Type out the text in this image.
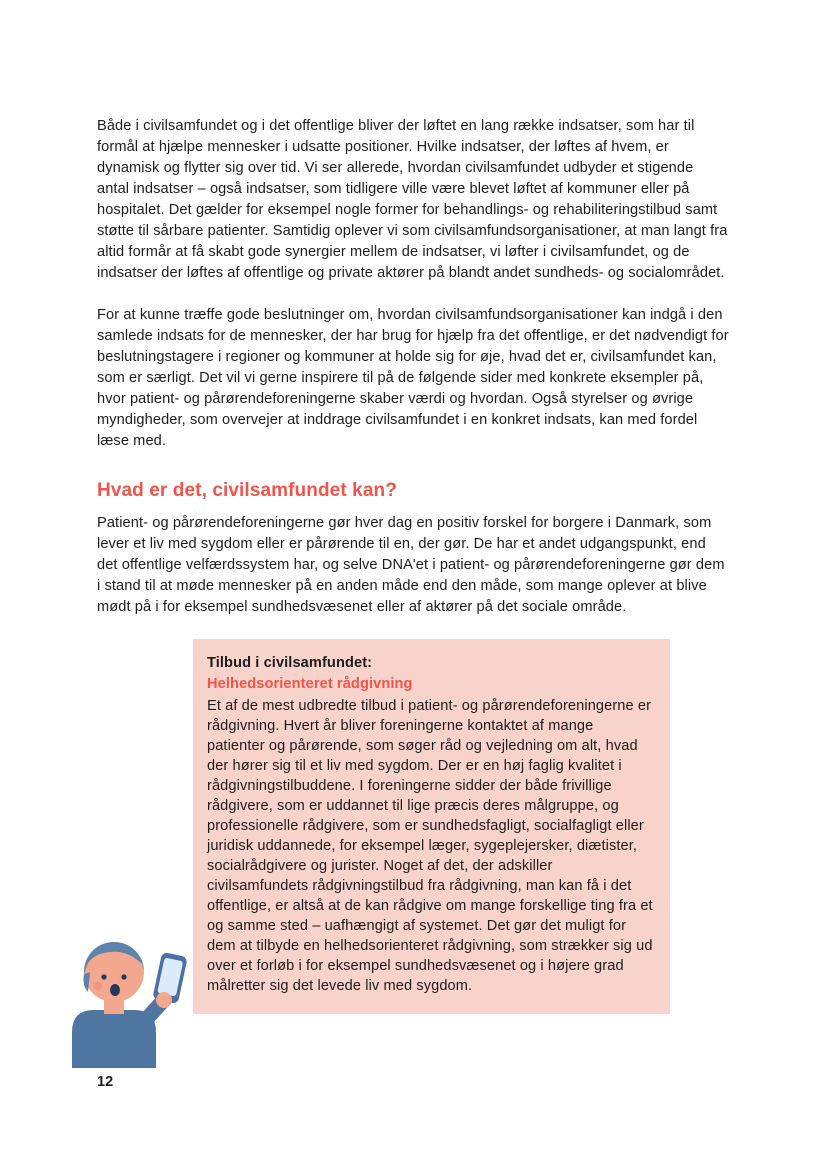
Både i civilsamfundet og i det offentlige bliver der løftet en lang række indsatser, som har til formål at hjælpe mennesker i udsatte positioner. Hvilke indsatser, der løftes af hvem, er dynamisk og flytter sig over tid. Vi ser allerede, hvordan civilsamfundet udbyder et stigende antal indsatser – også indsatser, som tidligere ville være blevet løftet af kommuner eller på hospitalet. Det gælder for eksempel nogle former for behandlings- og rehabiliteringstilbud samt støtte til sårbare patienter. Samtidig oplever vi som civilsamfundsorganisationer, at man langt fra altid formår at få skabt gode synergier mellem de indsatser, vi løfter i civilsamfundet, og de indsatser der løftes af offentlige og private aktører på blandt andet sundheds- og socialområdet.

For at kunne træffe gode beslutninger om, hvordan civilsamfundsorganisationer kan indgå i den samlede indsats for de mennesker, der har brug for hjælp fra det offentlige, er det nødvendigt for beslutningstagere i regioner og kommuner at holde sig for øje, hvad det er, civilsamfundet kan, som er særligt. Det vil vi gerne inspirere til på de følgende sider med konkrete eksempler på, hvor patient- og pårørendeforeningerne skaber værdi og hvordan. Også styrelser og øvrige myndigheder, som overvejer at inddrage civilsamfundet i en konkret indsats, kan med fordel læse med.

Hvad er det, civilsamfundet kan?

Patient- og pårørendeforeningerne gør hver dag en positiv forskel for borgere i Danmark, som lever et liv med sygdom eller er pårørende til en, der gør. De har et andet udgangspunkt, end det offentlige velfærdssystem har, og selve DNA'et i patient- og pårørendeforeningerne gør dem i stand til at møde mennesker på en anden måde end den måde, som mange oplever at blive mødt på i for eksempel sundhedsvæsenet eller af aktører på det sociale område.

Tilbud i civilsamfundet:

Helhedsorienteret rådgivning

Et af de mest udbredte tilbud i patient- og pårørendeforeningerne er rådgivning. Hvert år bliver foreningerne kontaktet af mange patienter og pårørende, som søger råd og vejledning om alt, hvad der hører sig til et liv med sygdom. Der er en høj faglig kvalitet i rådgivningstilbuddene. I foreningerne sidder der både frivillige rådgivere, som er uddannet til lige præcis deres målgruppe, og professionelle rådgivere, som er sundhedsfagligt, socialfagligt eller juridisk uddannede, for eksempel læger, sygeplejersker, diætister, socialrådgivere og jurister. Noget af det, der adskiller civilsamfundets rådgivningstilbud fra rådgivning, man kan få i det offentlige, er altså at de kan rådgive om mange forskellige ting fra et og samme sted – uafhængigt af systemet. Det gør det muligt for dem at tilbyde en helhedsorienteret rådgivning, som strækker sig ud over et forløb i for eksempel sundhedsvæsenet og i højere grad målretter sig det levede liv med sygdom.

12
